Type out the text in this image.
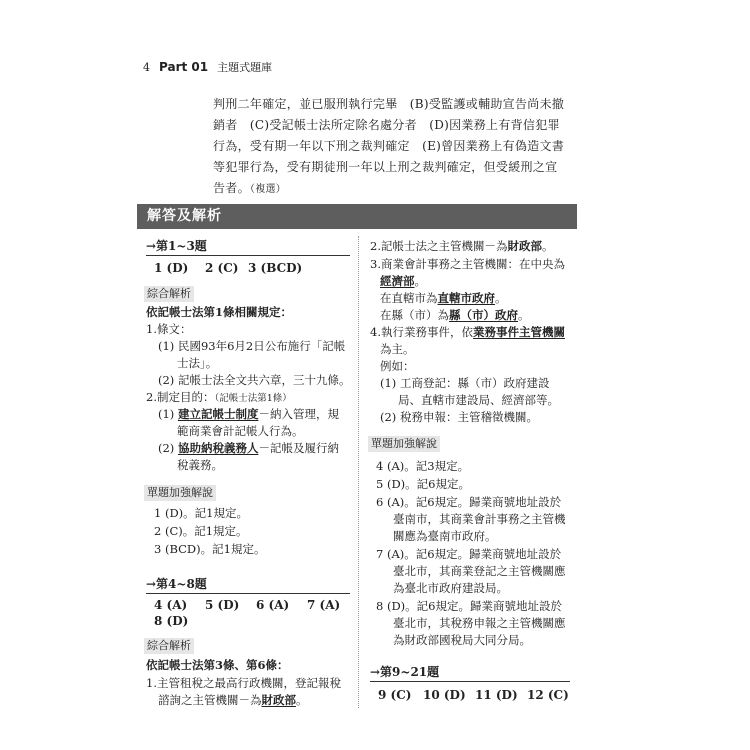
4 Part 01 主題式題庫
判刑二年確定，並已服刑執行完畢　(B)受監護或輔助宣告尚未撤
銷者　(C)受記帳士法所定除名處分者　(D)因業務上有背信犯罪
行為，受有期一年以下刑之裁判確定　(E)曾因業務上有偽造文書
等犯罪行為，受有期徒刑一年以上刑之裁判確定，但受緩刑之宣
告者。（複選）
解答及解析
→第1~3題
1 (D) 2 (C) 3 (BCD)
綜合解析
依記帳士法第1條相關規定：
1.條文：
(1) 民國93年6月2日公布施行「記帳
士法」。
(2) 記帳士法全文共六章，三十九條。
2.制定目的：（記帳士法第1條）
(1) 建立記帳士制度－納入管理，規
範商業會計記帳人行為。
(2) 協助納稅義務人－記帳及履行納
稅義務。
單題加強解說
1 (D)。記1規定。
2 (C)。記1規定。
3 (BCD)。記1規定。
→第4~8題
4 (A) 5 (D) 6 (A) 7 (A)
8 (D)
綜合解析
依記帳士法第3條、第6條：
1.主管租稅之最高行政機關，登記報稅
諮詢之主管機關－為財政部。
2.記帳士法之主管機關－為財政部。
3.商業會計事務之主管機關：在中央為
經濟部。
在直轄市為直轄市政府。
在縣（市）為縣（市）政府。
4.執行業務事件，依業務事件主管機關
為主。
例如：
(1) 工商登記：縣（市）政府建設
局、直轄市建設局、經濟部等。
(2) 稅務申報：主管稽徵機關。
單題加強解說
4 (A)。記3規定。
5 (D)。記6規定。
6 (A)。記6規定。歸業商號地址設於
臺南市，其商業會計事務之主管機
關應為臺南市政府。
7 (A)。記6規定。歸業商號地址設於
臺北市，其商業登記之主管機關應
為臺北市政府建設局。
8 (D)。記6規定。歸業商號地址設於
臺北市，其稅務申報之主管機關應
為財政部國稅局大同分局。
→第9~21題
9 (C) 10 (D) 11 (D) 12 (C)
